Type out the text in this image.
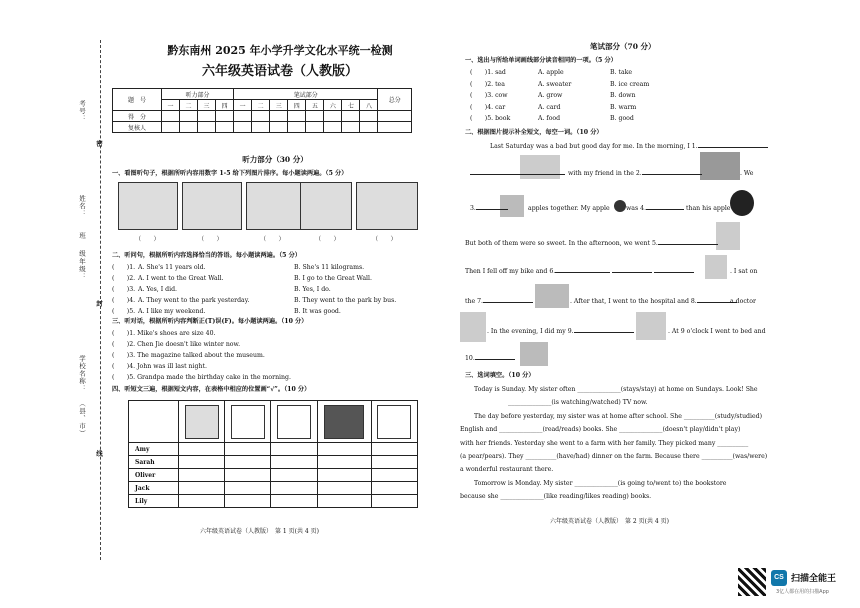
考号：
姓名：
班
级
年级：
学校名称：
（县、市）
密
封
线
黔东南州 2025 年小学升学文化水平统一检测
六年级英语试卷（人教版）
题　号	听力部分				笔试部分								总分
	一	二	三	四	一	二	三	四	五	六	七	八	
得　分													
复核人													
听力部分（30 分）
一、看图听句子，根据所听内容用数字 1-5 给下列图片排序。每小题读两遍。（5 分）
（　　）	（　　）	（　　）	（　　）	（　　）
二、听问句，根据所听内容选择恰当的答语。每小题读两遍。（5 分）
(　　)1. A. She's 11 years old.	B. She's 11 kilograms.
(　　)2. A. I went to the Great Wall.	B. I go to the Great Wall.
(　　)3. A. Yes, I did.	B. Yes, I do.
(　　)4. A. They went to the park yesterday.	B. They went to the park by bus.
(　　)5. A. I like my weekend.	B. It was good.
三、听对话，根据所听内容判断正(T)误(F)。每小题读两遍。（10 分）
(　　)1. Mike's shoes are size 40.
(　　)2. Chen Jie doesn't like winter now.
(　　)3. The magazine talked about the museum.
(　　)4. John was ill last night.
(　　)5. Grandpa made the birthday cake in the morning.
四、听短文三遍，根据短文内容，在表格中相应的位置画“√”。（10 分）

Amy					
Sarah					
Oliver					
Jack					
Lily					
六年级英语试卷（人教版）　第 1 页(共 4 页)
笔试部分（70 分）
一、选出与所给单词画线部分读音相同的一项。（5 分）
(　　)1. sad	A. apple	B. take
(　　)2. tea	A. sweater	B. ice cream
(　　)3. cow	A. grow	B. down
(　　)4. car	A. card	B. warm
(　　)5. book	A. food	B. good
二、根据图片提示补全短文，每空一词。（10 分）
Last Saturday was a bad but good day for me. In the morning, I 1.
with my friend in the 2.	. We
3.	apples together. My apple	was 4.	than his apple
But both of them were so sweet. In the afternoon, we went 5.
Then I fell off my bike and 6.	. I sat on
the 7.	. After that, I went to the hospital and 8.	a doctor
. In the evening, I did my 9.	. At 9 o'clock I went to bed and
10.
三、选词填空。（10 分）
Today is Sunday. My sister often ______________(stays/stay) at home on Sundays. Look! She
______________(is watching/watched) TV now.
The day before yesterday, my sister was at home after school. She __________(study/studied)
English and ______________(read/reads) books. She ______________(doesn't play/didn't play)
with her friends. Yesterday she went to a farm with her family. They picked many __________
(a pear/pears). They __________(have/had) dinner on the farm. Because there __________(was/were)
a wonderful restaurant there.
Tomorrow is Monday. My sister ______________(is going to/went to) the bookstore
because she ______________(like reading/likes reading) books.
六年级英语试卷（人教版）　第 2 页(共 4 页)
CS 扫描全能王
3亿人都在用的扫描App
